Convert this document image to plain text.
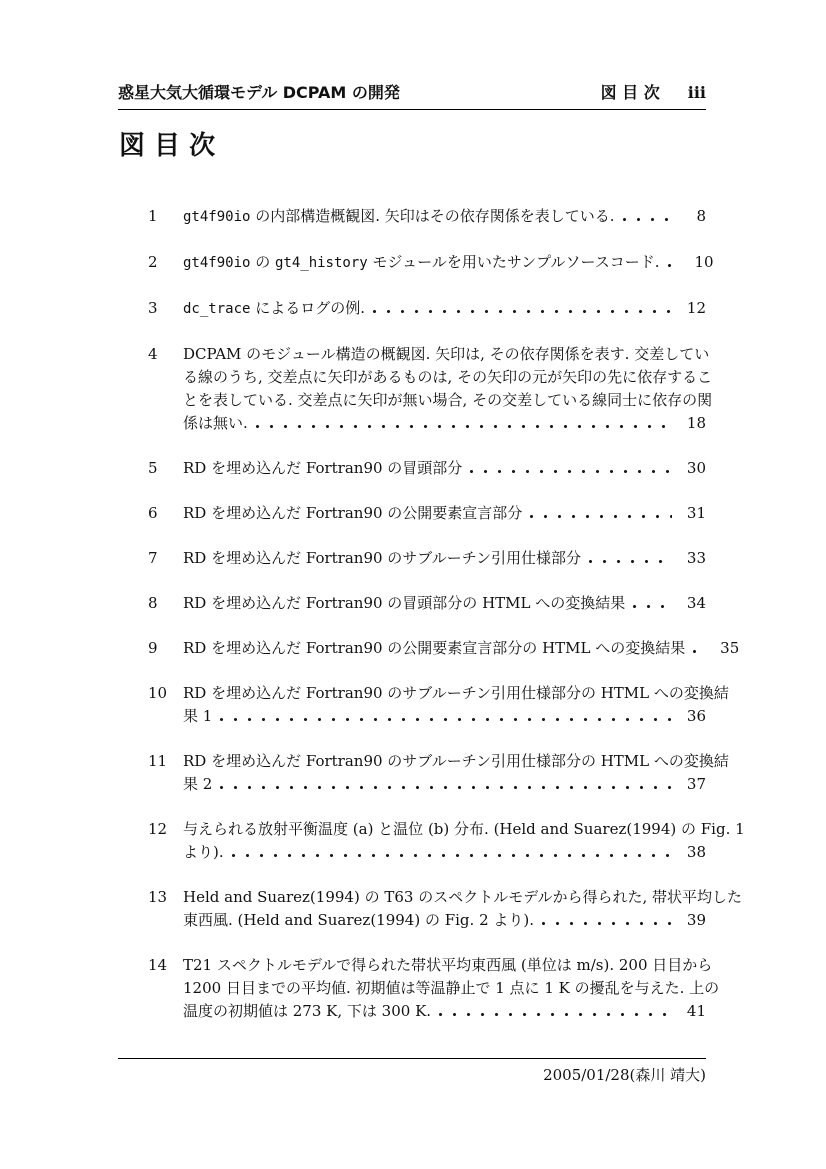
惑星大気大循環モデル DCPAM の開発	図 目 次 iii
図 目 次
1 gt4f90io の内部構造概観図. 矢印はその依存関係を表している.	8
2 gt4f90io の gt4_history モジュールを用いたサンプルソースコード.	10
3 dc_trace によるログの例.	12
4 DCPAM のモジュール構造の概観図. 矢印は, その依存関係を表す. 交差してい
る線のうち, 交差点に矢印があるものは, その矢印の元が矢印の先に依存するこ
とを表している. 交差点に矢印が無い場合, その交差している線同士に依存の関
係は無い.	18
5 RD を埋め込んだ Fortran90 の冒頭部分	30
6 RD を埋め込んだ Fortran90 の公開要素宣言部分	31
7 RD を埋め込んだ Fortran90 のサブルーチン引用仕様部分	33
8 RD を埋め込んだ Fortran90 の冒頭部分の HTML への変換結果	34
9 RD を埋め込んだ Fortran90 の公開要素宣言部分の HTML への変換結果	35
10 RD を埋め込んだ Fortran90 のサブルーチン引用仕様部分の HTML への変換結
果 1	36
11 RD を埋め込んだ Fortran90 のサブルーチン引用仕様部分の HTML への変換結
果 2	37
12 与えられる放射平衡温度 (a) と温位 (b) 分布. (Held and Suarez(1994) の Fig. 1
より).	38
13 Held and Suarez(1994) の T63 のスペクトルモデルから得られた, 帯状平均した
東西風. (Held and Suarez(1994) の Fig. 2 より).	39
14 T21 スペクトルモデルで得られた帯状平均東西風 (単位は m/s). 200 日目から
1200 日目までの平均値. 初期値は等温静止で 1 点に 1 K の擾乱を与えた. 上の
温度の初期値は 273 K, 下は 300 K.	41
2005/01/28(森川 靖大)
